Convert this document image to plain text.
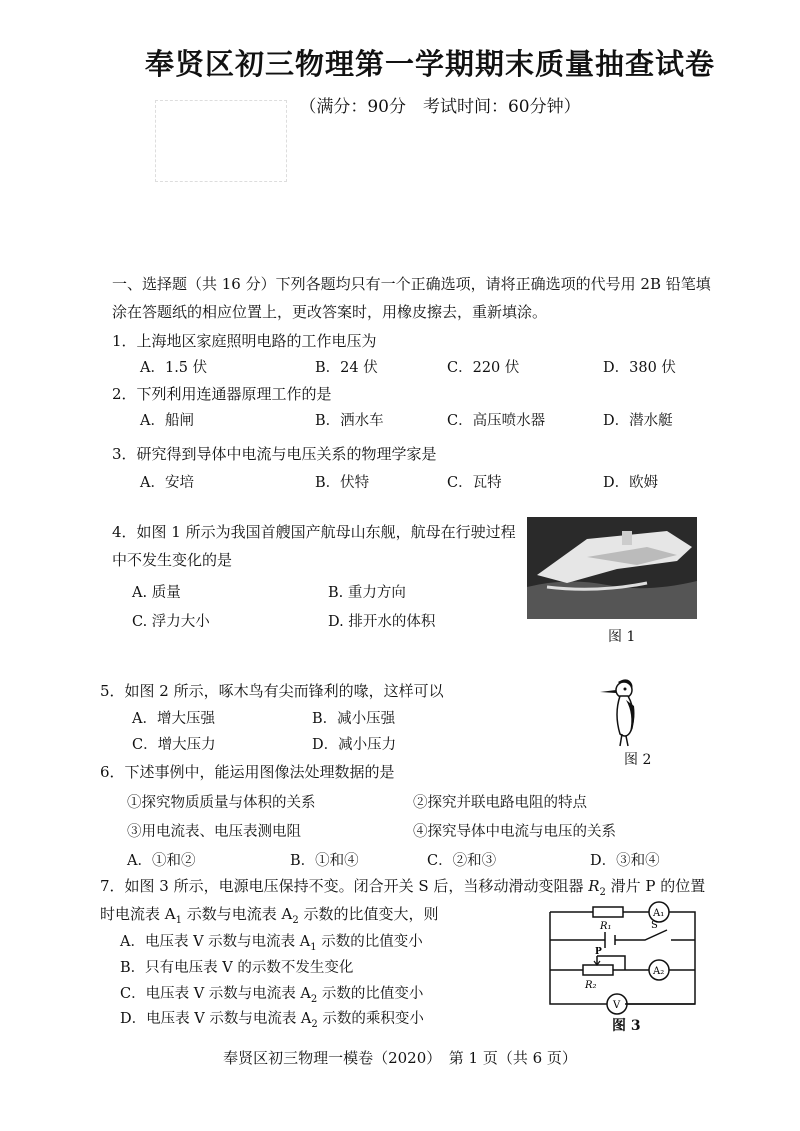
奉贤区初三物理第一学期期末质量抽查试卷
（满分：90分　考试时间：60分钟）
一、选择题（共 16 分）下列各题均只有一个正确选项，请将正确选项的代号用 2B 铅笔填
涂在答题纸的相应位置上，更改答案时，用橡皮擦去，重新填涂。
1．上海地区家庭照明电路的工作电压为
A．1.5 伏	B．24 伏	C．220 伏	D．380 伏
2．下列利用连通器原理工作的是
A．船闸	B．洒水车	C．高压喷水器	D．潜水艇
3．研究得到导体中电流与电压关系的物理学家是
A．安培	B．伏特	C．瓦特	D．欧姆
4．如图 1 所示为我国首艘国产航母山东舰，航母在行驶过程
中不发生变化的是
A. 质量	B. 重力方向
C. 浮力大小	D. 排开水的体积
图 1
5．如图 2 所示，啄木鸟有尖而锋利的喙，这样可以
A．增大压强	B．减小压强
C．增大压力	D．减小压力
图 2
6．下述事例中，能运用图像法处理数据的是
①探究物质质量与体积的关系	②探究并联电路电阻的特点
③用电流表、电压表测电阻	④探究导体中电流与电压的关系
A．①和②	B．①和④	C．②和③	D．③和④
7．如图 3 所示，电源电压保持不变。闭合开关 S 后，当移动滑动变阻器 $R_2$ 滑片 P 的位置
时电流表 $A_1$ 示数与电流表 $A_2$ 示数的比值变大，则
A．电压表 V 示数与电流表 $A_1$ 示数的比值变小
B．只有电压表 V 的示数不发生变化
C．电压表 V 示数与电流表 $A_2$ 示数的比值变小
D．电压表 V 示数与电流表 $A_2$ 示数的乘积变小
R₁
A₁
S
P
A₂
R₂
V
图 3
奉贤区初三物理一模卷（2020）　第 1 页（共 6 页）
